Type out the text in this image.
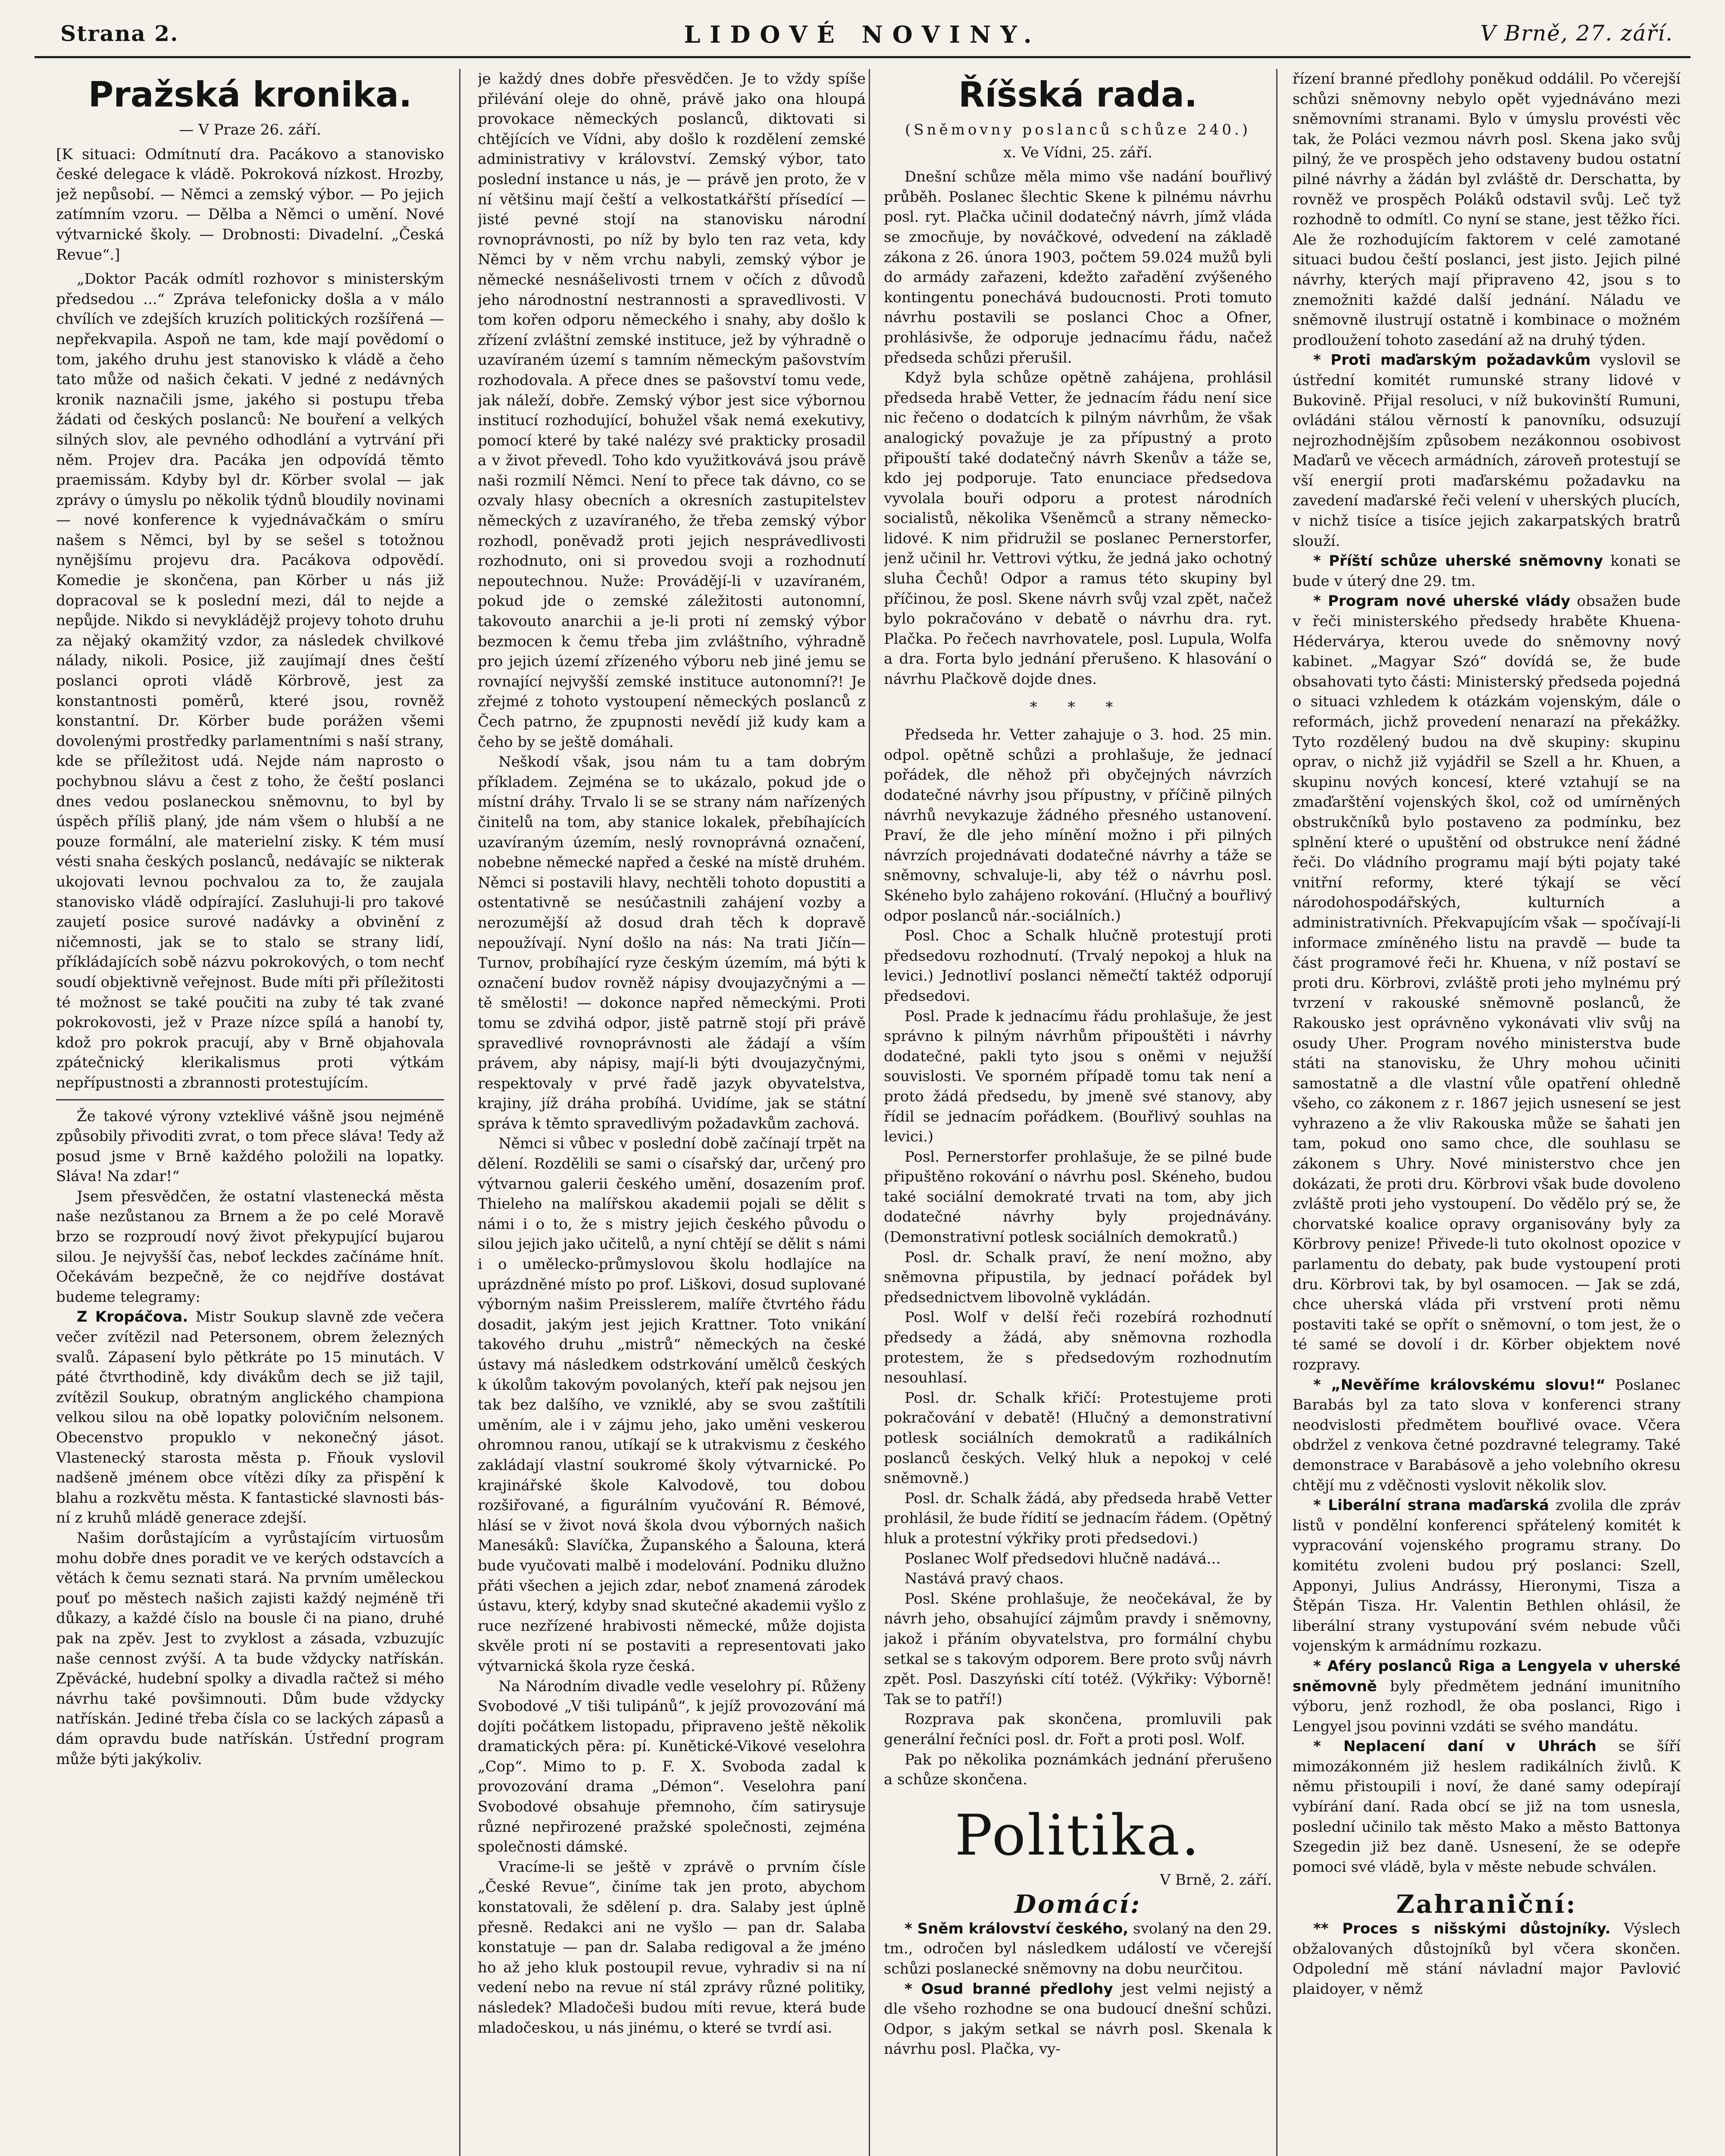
Strana 2.	LIDOVÉ NOVINY.	V Brně, 27. září.
Pražská kronika.

— V Praze 26. září.

[K situaci: Odmítnutí dra. Pacákovo a stanovisko české delegace k vládě. Pokroková nízkost. Hrozby, jež nepůsobí. — Němci a zemský výbor. — Po jejich zatímním vzoru. — Dělba a Němci o umění. Nové výtvarnické školy. — Drobnosti: Divadelní. „Česká Revue“.]

„Doktor Pacák odmítl rozhovor s ministerským předsedou ...“ Zpráva telefonicky došla a v málo chvílích ve zdejších kruzích politických rozšířená — nepřekvapila. Aspoň ne tam, kde mají povědomí o tom, jakého druhu jest stanovisko k vládě a čeho tato může od našich čekati. V jedné z nedávných kronik naznačili jsme, jakého si postupu třeba žádati od českých poslanců: Ne bouření a velkých silných slov, ale pevného odhodlání a vytrvání při něm. Projev dra. Pacáka jen odpovídá těmto praemissám. Kdyby byl dr. Körber svolal — jak zprávy o úmyslu po několik týdnů bloudily novinami — nové konference k vyjednávačkám o smíru našem s Němci, byl by se sešel s totožnou nynějšímu projevu dra. Pacákova odpovědí. Komedie je skončena, pan Körber u nás již dopracoval se k poslední mezi, dál to nejde a nepůjde. Nikdo si nevykládějž projevy tohoto druhu za nějaký okamžitý vzdor, za následek chvilkové nálady, nikoli. Posice, již zaujímají dnes čeští poslanci oproti vládě Körbrově, jest za konstantnosti poměrů, které jsou, rovněž konstantní. Dr. Körber bude porážen všemi dovolenými prostředky parlamentními s naší strany, kde se příležitost udá. Nejde nám naprosto o pochybnou slávu a čest z toho, že čeští poslanci dnes vedou poslaneckou sněmovnu, to byl by úspěch příliš planý, jde nám všem o hlubší a ne pouze formální, ale materielní zisky. K tém musí vésti snaha českých poslanců, nedávajíc se nikterak ukojovati levnou pochvalou za to, že zaujala stanovisko vládě odpírající. Zasluhuji-li pro takové zaujetí posice surové nadávky a obvinění z ničemnosti, jak se to stalo se strany lidí, příkládajících sobě názvu pokrokových, o tom nechť soudí objektivně veřejnost. Bude míti při příležitosti té možnost se také poučiti na zuby té tak zvané pokrokovosti, jež v Praze nízce spílá a hanobí ty, kdož pro pokrok pracují, aby v Brně objahovala zpátečnický klerikalismus proti výtkám nepřípustnosti a zbrannosti protestujícím.

Že takové výrony vzteklivé vášně jsou nejméně způsobily přivoditi zvrat, o tom přece sláva! Tedy až posud jsme v Brně každého položili na lopatky. Sláva! Na zdar!“

Jsem přesvědčen, že ostatní vlastenecká města naše nezůstanou za Brnem a že po celé Moravě brzo se rozproudí nový život překypující bujarou silou. Je nejvyšší čas, neboť leckdes začínáme hnít. Očekávám bezpečně, že co nejdříve dostávat budeme telegramy:

Z Kropáčova. Mistr Soukup slavně zde večera večer zvítězil nad Petersonem, obrem železných svalů. Zápasení bylo pětkráte po 15 minutách. V páté čtvrthodině, kdy divákům dech se již tajil, zvítězil Soukup, obratným anglického championa velkou silou na obě lopatky polovičním nelsonem. Obecenstvo propuklo v nekonečný jásot. Vlastenecký starosta města p. Fňouk vyslovil nadšeně jménem obce vítězi díky za přispění k blahu a rozkvětu města. K fantastické slavnosti básní z kruhů mládě generace zdejší.

Našim dorůstajícím a vyrůstajícím virtuosům mohu dobře dnes poradit ve ve kerých odstavcích a větách k čemu seznati stará. Na prvním uměleckou pouť po městech našich zajisti každý nejméně tři důkazy, a každé číslo na bousle či na piano, druhé pak na zpěv. Jest to zvyklost a zásada, vzbuzujíc naše cennost zvýší. A ta bude vždycky natřískán. Zpěvácké, hudební spolky a divadla račtež si mého návrhu také povšimnouti. Dům bude vždycky natřískán. Jediné třeba čísla co se lackých zápasů a dám opravdu bude natřískán. Ústřední program může býti jakýkoliv.

je každý dnes dobře přesvědčen. Je to vždy spíše přilévání oleje do ohně, právě jako ona hloupá provokace německých poslanců, diktovati si chtějících ve Vídni, aby došlo k rozdělení zemské administrativy v království. Zemský výbor, tato poslední instance u nás, je — právě jen proto, že v ní většinu mají čeští a velkostatkářští přísedící — jisté pevné stojí na stanovisku národní rovnoprávnosti, po níž by bylo ten raz veta, kdy Němci by v něm vrchu nabyli, zemský výbor je německé nesnášelivosti trnem v očích z důvodů jeho národnostní nestrannosti a spravedlivosti. V tom kořen odporu německého i snahy, aby došlo k zřízení zvláštní zemské instituce, jež by výhradně o uzavíraném území s tamním německým pašovstvím rozhodovala. A přece dnes se pašovství tomu vede, jak náleží, dobře. Zemský výbor jest sice výbornou institucí rozhodující, bohužel však nemá exekutivy, pomocí které by také nalézy své prakticky prosadil a v život převedl. Toho kdo využitkovává jsou právě naši rozmilí Němci. Není to přece tak dávno, co se ozvaly hlasy obecních a okresních zastupitelstev německých z uzavíraného, že třeba zemský výbor rozhodl, poněvadž proti jejich nesprávedlivosti rozhodnuto, oni si provedou svoji a rozhodnutí nepoutechnou. Nuže: Provádějí-li v uzavíraném, pokud jde o zemské záležitosti autonomní, takovouto anarchii a je-li proti ní zemský výbor bezmocen k čemu třeba jim zvláštního, výhradně pro jejich území zřízeného výboru neb jiné jemu se rovnající nejvyšší zemské instituce autonomní?! Je zřejmé z tohoto vystoupení německých poslanců z Čech patrno, že zpupnosti nevědí již kudy kam a čeho by se ještě domáhali.

Neškodí však, jsou nám tu a tam dobrým příkladem. Zejména se to ukázalo, pokud jde o místní dráhy. Trvalo li se se strany nám nařízených činitelů na tom, aby stanice lokalek, přebíhajících uzavíraným územím, neslý rovnoprávná označení, nobebne německé napřed a české na místě druhém. Němci si postavili hlavy, nechtěli tohoto dopustiti a ostentativně se nesúčastnili zahájení vozby a nerozumější až dosud drah těch k dopravě nepoužívají. Nyní došlo na nás: Na trati Jičín—Turnov, probíhající ryze českým územím, má býti k označení budov rovněž nápisy dvoujazyčnými a — tě smělosti! — dokonce napřed německými. Proti tomu se zdvihá odpor, jistě patrně stojí při právě spravedlivé rovnoprávnosti ale žádají a vším právem, aby nápisy, mají-li býti dvoujazyčnými, respektovaly v prvé řadě jazyk obyvatelstva, krajiny, jíž dráha probíhá. Uvidíme, jak se státní správa k těmto spravedlivým požadavkům zachová.

Němci si vůbec v poslední době začínají trpět na dělení. Rozdělili se sami o císařský dar, určený pro výtvarnou galerii českého umění, dosazením prof. Thieleho na malířskou akademii pojali se dělit s námi i o to, že s mistry jejich českého původu o silou jejich jako učitelů, a nyní chtějí se dělit s námi i o umělecko-průmyslovou školu hodlajíce na uprázdněné místo po prof. Liškovi, dosud suplované výborným našim Preisslerem, malíře čtvrtého řádu dosadit, jakým jest jejich Krattner. Toto vnikání takového druhu „mistrů“ německých na české ústavy má následkem odstrkování umělců českých k úkolům takovým povolaných, kteří pak nejsou jen tak bez dalšího, ve vzniklé, aby se svou zaštítili uměním, ale i v zájmu jeho, jako uměni veskerou ohromnou ranou, utíkají se k utrakvismu z českého zakládají vlastní soukromé školy výtvarnické. Po krajinářské škole Kalvodově, tou dobou rozšiřované, a figurálním vyučování R. Bémové, hlásí se v život nová škola dvou výborných našich Manesáků: Slavíčka, Županského a Šalouna, která bude vyučovati malbě i modelování. Podniku dlužno přáti všechen a jejich zdar, neboť znamená zárodek ústavu, který, kdyby snad skutečné akademii vyšlo z ruce nezřízené hrabivosti německé, může dojista skvěle proti ní se postaviti a representovati jako výtvarnická škola ryze česká.

Na Národním divadle vedle veselohry pí. Růženy Svobodové „V tiši tulipánů“, k jejíž provozování má dojíti počátkem listopadu, připraveno ještě několik dramatických pěra: pí. Kunětické-Vikové veselohra „Cop“. Mimo to p. F. X. Svoboda zadal k provozování drama „Démon“. Veselohra paní Svobodové obsahuje přemnoho, čím satirysuje různé nepřirozené pražské společnosti, zejména společnosti dámské.

Vracíme-li se ještě v zprávě o prvním čísle „České Revue“, činíme tak jen proto, abychom konstatovali, že sdělení p. dra. Salaby jest úplně přesně. Redakci ani ne vyšlo — pan dr. Salaba konstatuje — pan dr. Salaba redigoval a že jméno ho až jeho kluk postoupil revue, vyhradiv si na ní vedení nebo na revue ní stál zprávy různé politiky, následek? Mladočeši budou míti revue, která bude mladočeskou, u nás jinému, o které se tvrdí asi.

Říšská rada.

(Sněmovny poslanců schůze 240.)

x. Ve Vídni, 25. září.

Dnešní schůze měla mimo vše nadání bouřlivý průběh. Poslanec šlechtic Skene k pilnému návrhu posl. ryt. Plačka učinil dodatečný návrh, jímž vláda se zmocňuje, by nováčkové, odvedení na základě zákona z 26. února 1903, počtem 59.024 mužů byli do armády zařazeni, kdežto zařadění zvýšeného kontingentu ponechává budoucnosti. Proti tomuto návrhu postavili se poslanci Choc a Ofner, prohlásivše, že odporuje jednacímu řádu, načež předseda schůzi přerušil.

Když byla schůze opětně zahájena, prohlásil předseda hrabě Vetter, že jednacím řádu není sice nic řečeno o dodatcích k pilným návrhům, že však analogický považuje je za přípustný a proto připouští také dodatečný návrh Skenův a táže se, kdo jej podporuje. Tato enunciace předsedova vyvolala bouři odporu a protest národních socialistů, několika Všeněmců a strany německo-lidové. K nim přidružil se poslanec Pernerstorfer, jenž učinil hr. Vettrovi výtku, že jedná jako ochotný sluha Čechů! Odpor a ramus této skupiny byl příčinou, že posl. Skene návrh svůj vzal zpět, načež bylo pokračováno v debatě o návrhu dra. ryt. Plačka. Po řečech navrhovatele, posl. Lupula, Wolfa a dra. Forta bylo jednání přerušeno. K hlasování o návrhu Plačkově dojde dnes.

* * *

Předseda hr. Vetter zahajuje o 3. hod. 25 min. odpol. opětně schůzi a prohlašuje, že jednací pořádek, dle něhož při obyčejných návrzích dodatečné návrhy jsou přípustny, v příčině pilných návrhů nevykazuje žádného přesného ustanovení. Praví, že dle jeho mínění možno i při pilných návrzích projednávati dodatečné návrhy a táže se sněmovny, schvaluje-li, aby též o návrhu posl. Skéneho bylo zahájeno rokování. (Hlučný a bouřlivý odpor poslanců nár.-sociálních.)

Posl. Choc a Schalk hlučně protestují proti předsedovu rozhodnutí. (Trvalý nepokoj a hluk na levici.) Jednotliví poslanci němečtí taktéž odporují předsedovi.

Posl. Prade k jednacímu řádu prohlašuje, že jest správno k pilným návrhům připouštěti i návrhy dodatečné, pakli tyto jsou s oněmi v nejužší souvislosti. Ve sporném případě tomu tak není a proto žádá předsedu, by jmeně své stanovy, aby řídil se jednacím pořádkem. (Bouřlivý souhlas na levici.)

Posl. Pernerstorfer prohlašuje, že se pilné bude připuštěno rokování o návrhu posl. Skéneho, budou také sociální demokraté trvati na tom, aby jich dodatečné návrhy byly projednávány. (Demonstrativní potlesk sociálních demokratů.)

Posl. dr. Schalk praví, že není možno, aby sněmovna připustila, by jednací pořádek byl předsednictvem libovolně vykládán.

Posl. Wolf v delší řeči rozebírá rozhodnutí předsedy a žádá, aby sněmovna rozhodla protestem, že s předsedovým rozhodnutím nesouhlasí.

Posl. dr. Schalk křičí: Protestujeme proti pokračování v debatě! (Hlučný a demonstrativní potlesk sociálních demokratů a radikálních poslanců českých. Velký hluk a nepokoj v celé sněmovně.)

Posl. dr. Schalk žádá, aby předseda hrabě Vetter prohlásil, že bude řídití se jednacím řádem. (Opětný hluk a protestní výkřiky proti předsedovi.)

Poslanec Wolf předsedovi hlučně nadává...

Nastává pravý chaos.

Posl. Skéne prohlašuje, že neočekával, že by návrh jeho, obsahující zájmům pravdy i sněmovny, jakož i přáním obyvatelstva, pro formální chybu setkal se s takovým odporem. Bere proto svůj návrh zpět. Posl. Daszyński cítí totéž. (Výkřiky: Výborně! Tak se to patří!)

Rozprava pak skončena, promluvili pak generální řečníci posl. dr. Fořt a proti posl. Wolf.

Pak po několika poznámkách jednání přerušeno a schůze skončena.

Politika.

V Brně, 2. září.

Domácí:

* Sněm království českého, svolaný na den 29. tm., odročen byl následkem událostí ve včerejší schůzi poslanecké sněmovny na dobu neurčitou.

* Osud branné předlohy jest velmi nejistý a dle všeho rozhodne se ona budoucí dnešní schůzi. Odpor, s jakým setkal se návrh posl. Skenala k návrhu posl. Plačka, vy-

řízení branné předlohy poněkud oddálil. Po včerejší schůzi sněmovny nebylo opět vyjednáváno mezi sněmovními stranami. Bylo v úmyslu provésti věc tak, že Poláci vezmou návrh posl. Skena jako svůj pilný, že ve prospěch jeho odstaveny budou ostatní pilné návrhy a žádán byl zvláště dr. Derschatta, by rovněž ve prospěch Poláků odstavil svůj. Leč tyž rozhodně to odmítl. Co nyní se stane, jest těžko říci. Ale že rozhodujícím faktorem v celé zamotané situaci budou čeští poslanci, jest jisto. Jejich pilné návrhy, kterých mají připraveno 42, jsou s to znemožniti každé další jednání. Náladu ve sněmovně ilustrují ostatně i kombinace o možném prodloužení tohoto zasedání až na druhý týden.

* Proti maďarským požadavkům vyslovil se ústřední komitét rumunské strany lidové v Bukovině. Přijal resoluci, v níž bukovinští Rumuni, ovládáni stálou věrností k panovníku, odsuzují nejrozhodnějším způsobem nezákonnou osobivost Maďarů ve věcech armádních, zároveň protestují se vší energií proti maďarskému požadavku na zavedení maďarské řeči velení v uherských plucích, v nichž tisíce a tisíce jejich zakarpatských bratrů slouží.

* Příští schůze uherské sněmovny konati se bude v úterý dne 29. tm.

* Program nové uherské vlády obsažen bude v řeči ministerského předsedy hraběte Khuena-Hédervárya, kterou uvede do sněmovny nový kabinet. „Magyar Szó“ dovídá se, že bude obsahovati tyto části: Ministerský předseda pojedná o situaci vzhledem k otázkám vojenským, dále o reformách, jichž provedení nenarazí na překážky. Tyto rozdělený budou na dvě skupiny: skupinu oprav, o nichž již vyjádřil se Szell a hr. Khuen, a skupinu nových koncesí, které vztahují se na zmaďarštění vojenských škol, což od umírněných obstrukčníků bylo postaveno za podmínku, bez splnění které o upuštění od obstrukce není žádné řeči. Do vládního programu mají býti pojaty také vnitřní reformy, které týkají se věcí národohospodářských, kulturních a administrativních. Překvapujícím však — spočívají-li informace zmíněného listu na pravdě — bude ta část programové řeči hr. Khuena, v níž postaví se proti dru. Körbrovi, zvláště proti jeho mylnému prý tvrzení v rakouské sněmovně poslanců, že Rakousko jest oprávněno vykonávati vliv svůj na osudy Uher. Program nového ministerstva bude státi na stanovisku, že Uhry mohou učiniti samostatně a dle vlastní vůle opatření ohledně všeho, co zákonem z r. 1867 jejich usnesení se jest vyhrazeno a že vliv Rakouska může se šahati jen tam, pokud ono samo chce, dle souhlasu se zákonem s Uhry. Nové ministerstvo chce jen dokázati, že proti dru. Körbrovi však bude dovoleno zvláště proti jeho vystoupení. Do vědělo prý se, že chorvatské koalice opravy organisovány byly za Körbrovy penize! Přivede-li tuto okolnost opozice v parlamentu do debaty, pak bude vystoupení proti dru. Körbrovi tak, by byl osamocen. — Jak se zdá, chce uherská vláda při vrstvení proti němu postaviti také se opřít o sněmovní, o tom jest, že o té samé se dovolí i dr. Körber objektem nové rozpravy.

* „Nevěříme královskému slovu!“ Poslanec Barabás byl za tato slova v konferenci strany neodvislosti předmětem bouřlivé ovace. Včera obdržel z venkova četné pozdravné telegramy. Také demonstrace v Barabásově a jeho volebního okresu chtějí mu z vděčnosti vyslovit několik slov.

* Liberální strana maďarská zvolila dle zpráv listů v pondělní konferenci spřátelený komitét k vypracování vojenského programu strany. Do komitétu zvoleni budou prý poslanci: Szell, Apponyi, Julius Andrássy, Hieronymi, Tisza a Štěpán Tisza. Hr. Valentin Bethlen ohlásil, že liberální strany vystupování svém nebude vůči vojenským k armádnímu rozkazu.

* Aféry poslanců Riga a Lengyela v uherské sněmovně byly předmětem jednání imunitního výboru, jenž rozhodl, že oba poslanci, Rigo i Lengyel jsou povinni vzdáti se svého mandátu.

* Neplacení daní v Uhrách se šíří mimozákonném již heslem radikálních živlů. K němu přistoupili i noví, že dané samy odepírají vybírání daní. Rada obcí se již na tom usnesla, poslední učinilo tak město Mako a město Battonya Szegedin již bez daně. Usnesení, že se odepře pomoci své vládě, byla v měste nebude schválen.

Zahraniční:

** Proces s nišskými důstojníky. Výslech obžalovaných důstojníků byl včera skončen. Odpolední mě stání návladní major Pavlović plaidoyer, v němž
